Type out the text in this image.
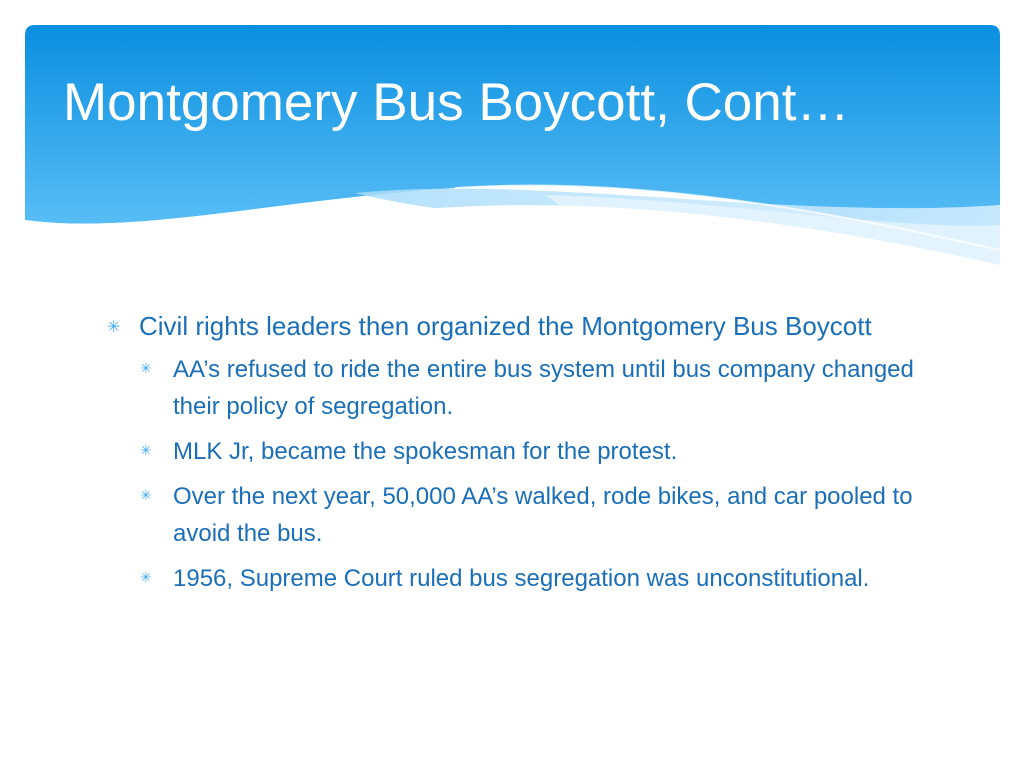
Montgomery Bus Boycott, Cont…
✳ Civil rights leaders then organized the Montgomery Bus Boycott
✳ AA’s refused to ride the entire bus system until bus company changed their policy of segregation.
✳ MLK Jr, became the spokesman for the protest.
✳ Over the next year, 50,000 AA’s walked, rode bikes, and car pooled to avoid the bus.
✳ 1956, Supreme Court ruled bus segregation was unconstitutional.
